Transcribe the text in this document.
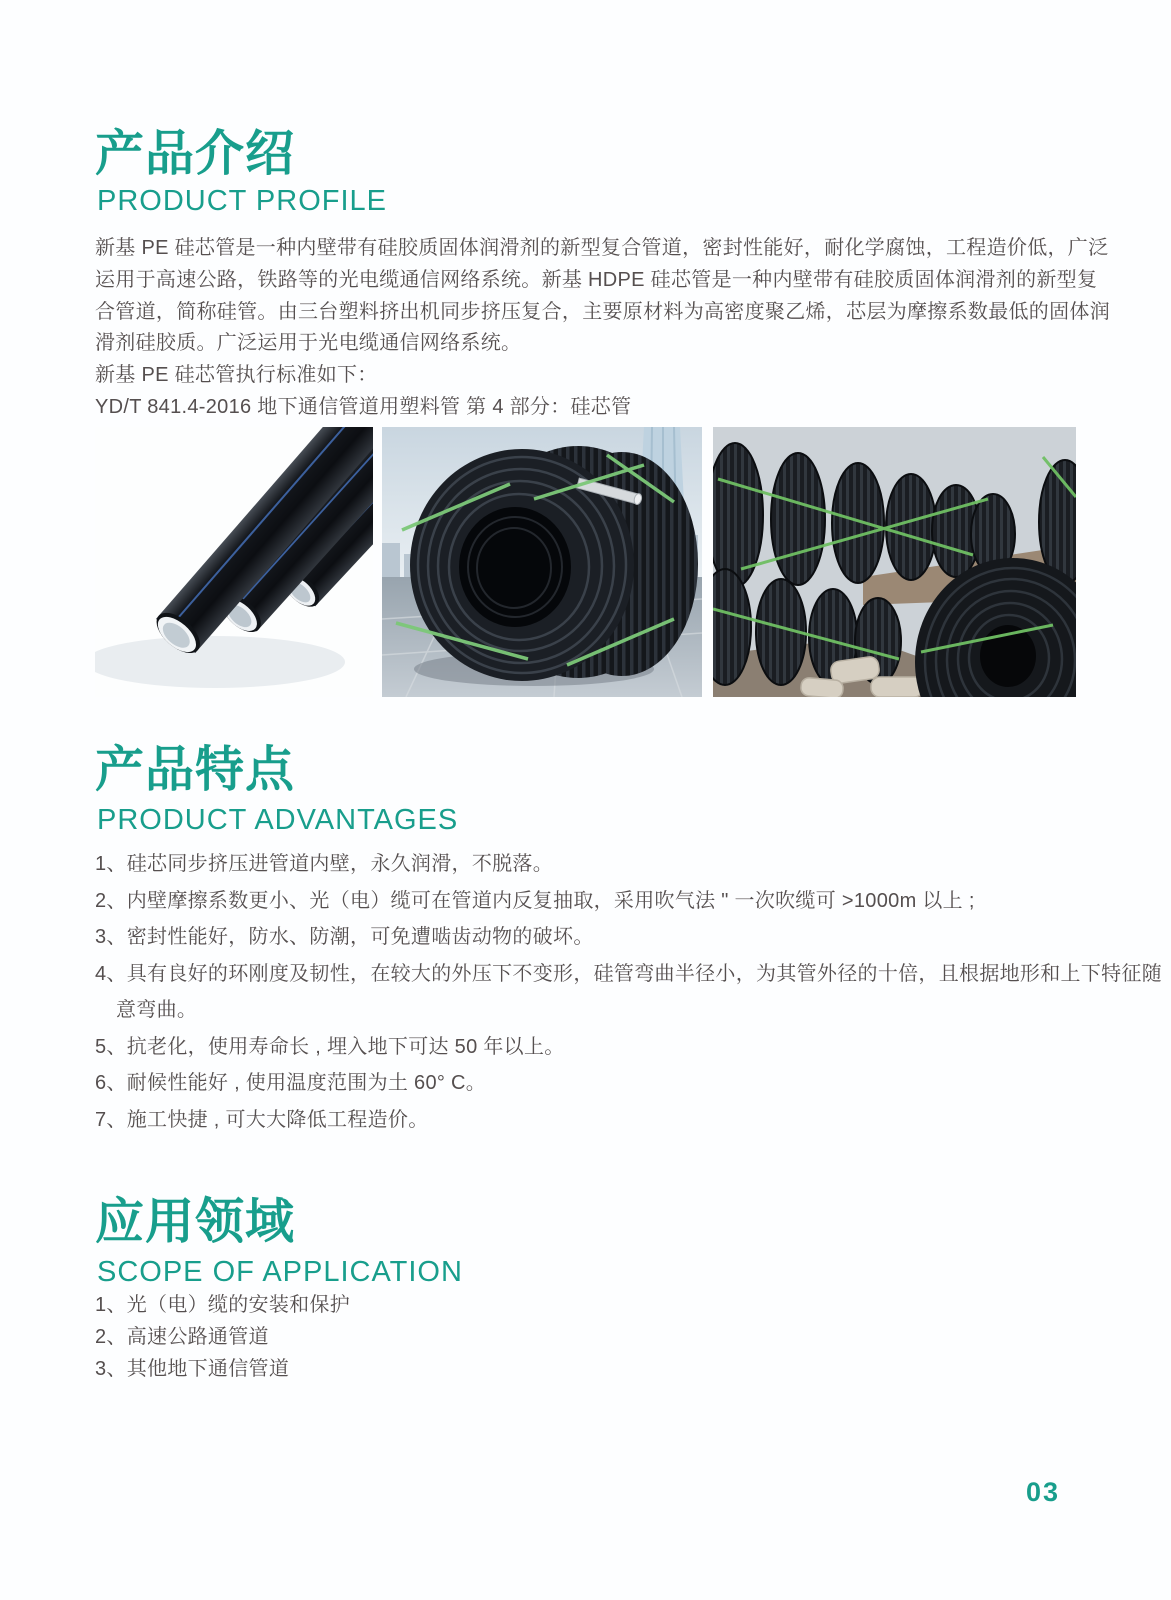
产品介绍
PRODUCT PROFILE
新基 PE 硅芯管是一种内壁带有硅胶质固体润滑剂的新型复合管道，密封性能好，耐化学腐蚀，工程造价低，广泛
运用于高速公路，铁路等的光电缆通信网络系统。新基 HDPE 硅芯管是一种内壁带有硅胶质固体润滑剂的新型复
合管道，简称硅管。由三台塑料挤出机同步挤压复合，主要原材料为高密度聚乙烯，芯层为摩擦系数最低的固体润
滑剂硅胶质。广泛运用于光电缆通信网络系统。
新基 PE 硅芯管执行标准如下：
YD/T 841.4-2016 地下通信管道用塑料管 第 4 部分：硅芯管
产品特点
PRODUCT ADVANTAGES
1、硅芯同步挤压进管道内壁，永久润滑，不脱落。
2、内壁摩擦系数更小、光（电）缆可在管道内反复抽取，采用吹气法 " 一次吹缆可 >1000m 以上 ;
3、密封性能好，防水、防潮，可免遭啮齿动物的破坏。
4、具有良好的环刚度及韧性，在较大的外压下不变形，硅管弯曲半径小，为其管外径的十倍，且根据地形和上下特征随
意弯曲。
5、抗老化，使用寿命长 , 埋入地下可达 50 年以上。
6、耐候性能好 , 使用温度范围为土 60° C。
7、施工快捷 , 可大大降低工程造价。
应用领域
SCOPE OF APPLICATION
1、光（电）缆的安装和保护
2、高速公路通管道
3、其他地下通信管道

03
